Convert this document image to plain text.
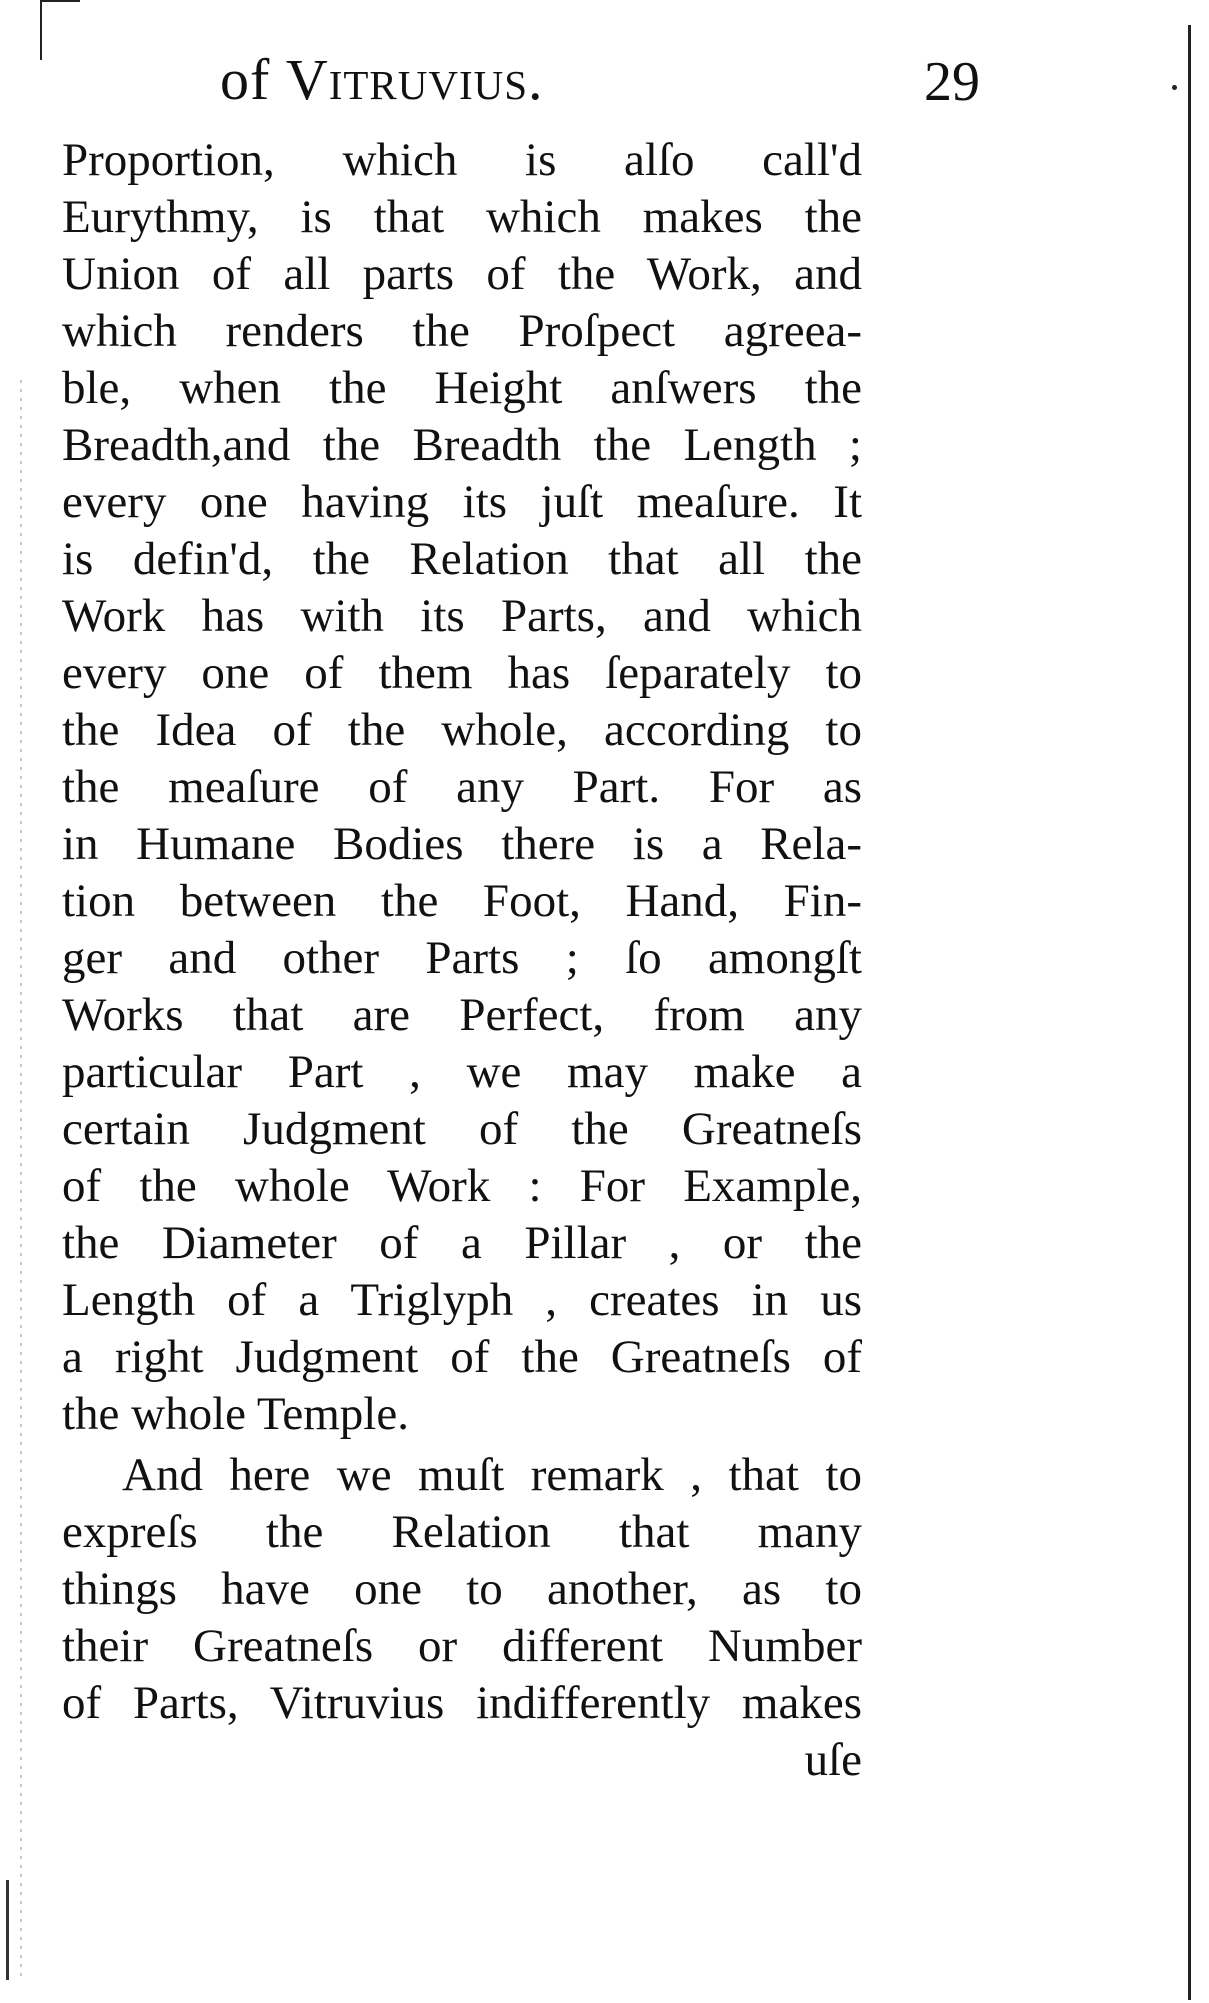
of Vitruvius.	29
Proportion, which is alſo call'd
Eurythmy, is that which makes the
Union of all parts of the Work, and
which renders the Proſpect agreea-
ble, when the Height anſwers the
Breadth,and the Breadth the Length ;
every one having its juſt meaſure. It
is defin'd, the Relation that all the
Work has with its Parts, and which
every one of them has ſeparately to
the Idea of the whole, according to
the meaſure of any Part. For as
in Humane Bodies there is a Rela-
tion between the Foot, Hand, Fin-
ger and other Parts ; ſo amongſt
Works that are Perfect, from any
particular Part , we may make a
certain Judgment of the Greatneſs
of the whole Work : For Example,
the Diameter of a Pillar , or the
Length of a Triglyph , creates in us
a right Judgment of the Greatneſs of
the whole Temple.
And here we muſt remark , that to
expreſs the Relation that many
things have one to another, as to
their Greatneſs or different Number
of Parts, Vitruvius indifferently makes
uſe
